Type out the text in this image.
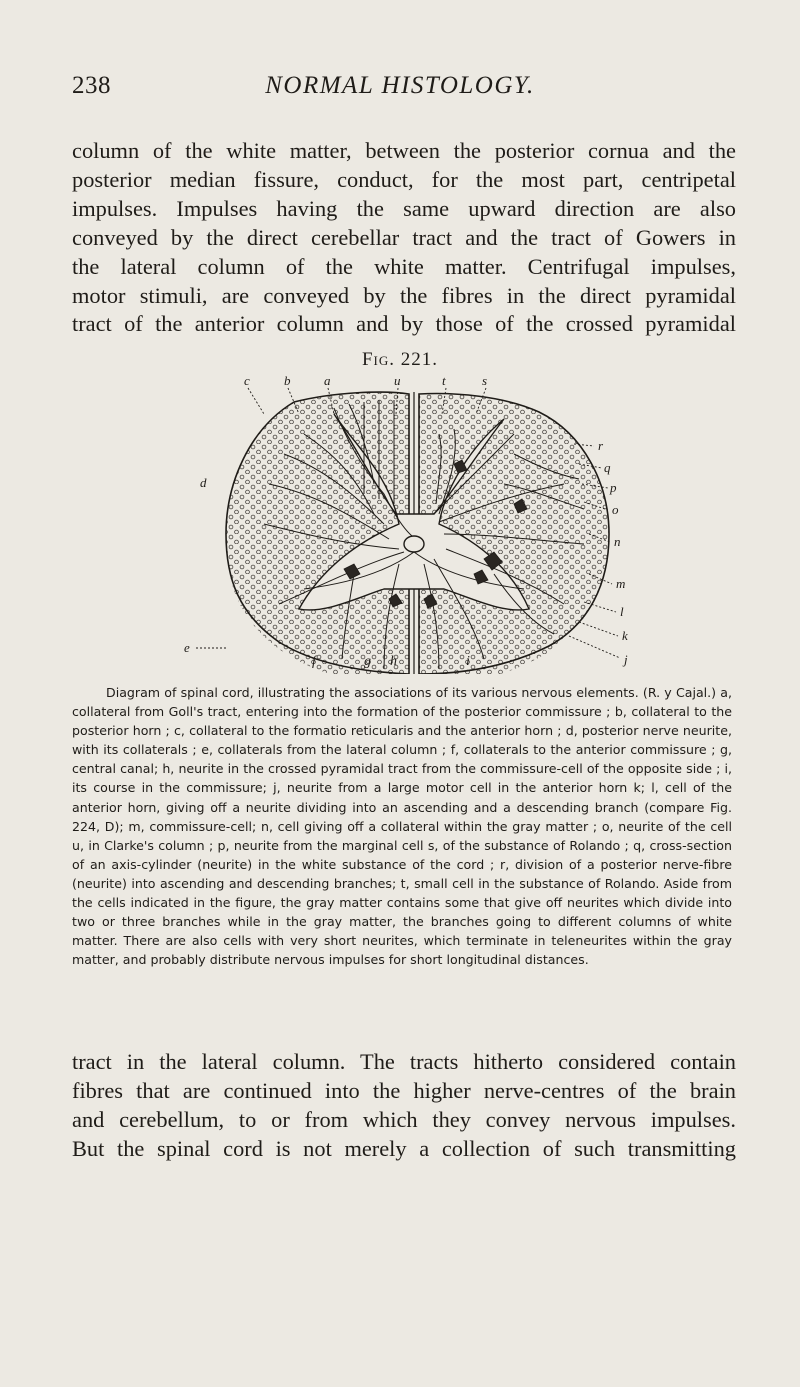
238	NORMAL HISTOLOGY.

column of the white matter, between the posterior cornua and the

posterior median fissure, conduct, for the most part, centripetal

impulses. Impulses having the same upward direction are also

conveyed by the direct cerebellar tract and the tract of Gowers in

the lateral column of the white matter. Centrifugal impulses,

motor stimuli, are conveyed by the fibres in the direct pyramidal

tract of the anterior column and by those of the crossed pyramidal

Fig. 221.
c	b	a	u	t	s
r
q
p
o
n
m
l
k
j
d
e
f	g h	i

Diagram of spinal cord, illustrating the associations of its various nervous elements. (R. y Cajal.) a, collateral from Goll's tract, entering into the formation of the posterior commissure ; b, collateral to the posterior horn ; c, collateral to the formatio reticularis and the anterior horn ; d, posterior nerve neurite, with its collaterals ; e, collaterals from the lateral column ; f, collaterals to the anterior commissure ; g, central canal; h, neurite in the crossed pyramidal tract from the commissure-cell of the opposite side ; i, its course in the commissure; j, neurite from a large motor cell in the anterior horn k; l, cell of the anterior horn, giving off a neurite dividing into an ascending and a descending branch (compare Fig. 224, D); m, commissure-cell; n, cell giving off a collateral within the gray matter ; o, neurite of the cell u, in Clarke's column ; p, neurite from the marginal cell s, of the substance of Rolando ; q, cross-section of an axis-cylinder (neurite) in the white substance of the cord ; r, division of a posterior nerve-fibre (neurite) into ascending and descending branches; t, small cell in the substance of Rolando. Aside from the cells indicated in the figure, the gray matter contains some that give off neurites which divide into two or three branches while in the gray matter, the branches going to different columns of white matter. There are also cells with very short neurites, which terminate in teleneurites within the gray matter, and probably distribute nervous impulses for short longitudinal distances.

tract in the lateral column. The tracts hitherto considered contain

fibres that are continued into the higher nerve-centres of the brain

and cerebellum, to or from which they convey nervous impulses.

But the spinal cord is not merely a collection of such transmitting
